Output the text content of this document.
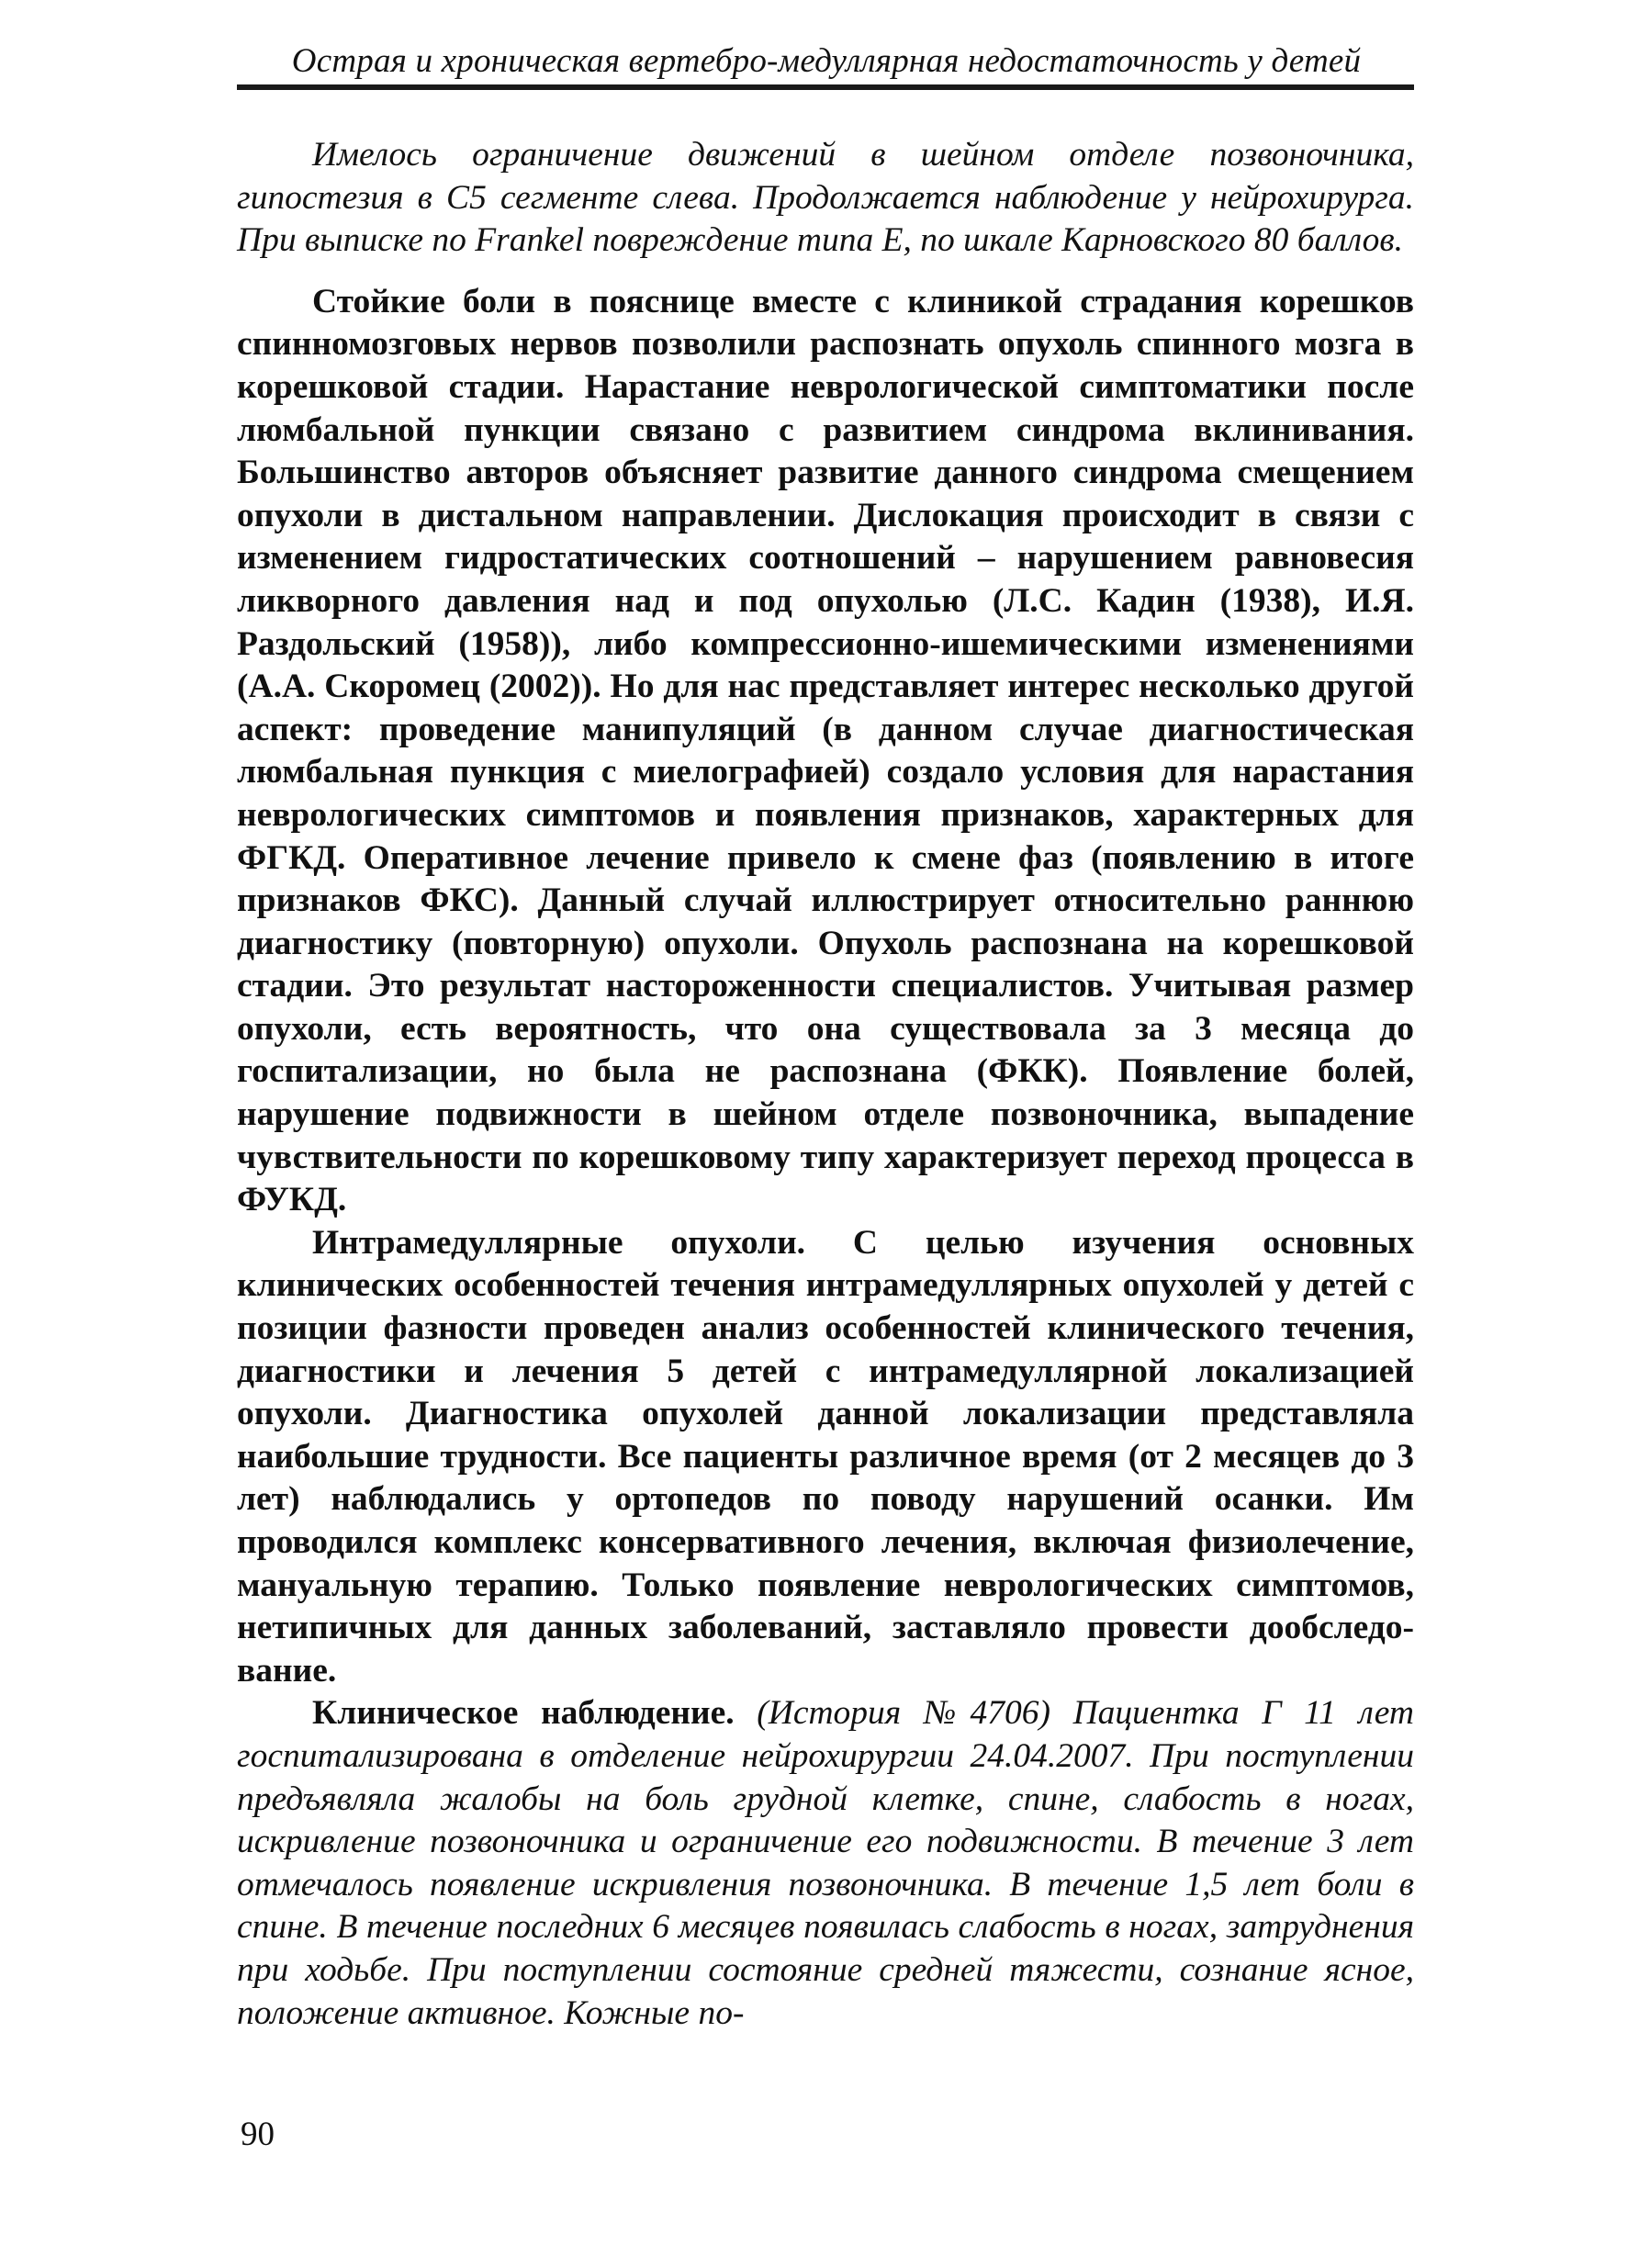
Острая и хроническая вертебро-медуллярная недостаточность у детей

Имелось ограничение движений в шейном отделе позвоночника, гипостезия в С5 сегменте слева. Продолжается наблюдение у нейрохирурга. При выписке по Frankel повреждение типа Е, по шкале Карновского 80 баллов.

Стойкие боли в пояснице вместе с клиникой страдания корешков спинномозговых нервов позволили распознать опухоль спинного мозга в корешковой стадии. Нарастание неврологической симптоматики после люмбальной пункции связано с развитием синдрома вклинивания. Большинство авторов объясняет развитие данного синдрома смещением опухоли в дистальном направлении. Дислокация происходит в связи с изменением гидростатических соотношений – нарушением равновесия ликворного давления над и под опухолью (Л.С. Кадин (1938), И.Я. Раздольский (1958)), либо компрессионно-ишемическими изменениями (А.А. Скоромец (2002)). Но для нас представляет интерес несколько другой аспект: проведение манипуляций (в данном случае диагностическая люмбальная пункция с миелографией) создало условия для нарастания неврологических симптомов и появления признаков, характерных для ФГКД. Оперативное лечение привело к смене фаз (появлению в итоге признаков ФКС). Данный случай иллюстрирует относительно раннюю диагностику (повторную) опухоли. Опухоль распознана на корешковой стадии. Это результат настороженности специалистов. Учитывая размер опухоли, есть вероятность, что она существовала за 3 месяца до госпитализации, но была не распознана (ФКК). Появление болей, нарушение подвижности в шейном отделе позвоночника, выпадение чувствительности по корешковому типу характеризует переход процесса в ФУКД.

Интрамедуллярные опухоли. С целью изучения основных клинических особенностей течения интрамедуллярных опухолей у детей с позиции фазности проведен анализ особенностей клинического течения, диагностики и лечения 5 детей с интрамедуллярной локализацией опухоли. Диагностика опухолей данной локализации представляла наибольшие трудности. Все пациенты различное время (от 2 месяцев до 3 лет) наблюдались у ортопедов по поводу нарушений осанки. Им проводился комплекс консервативного лечения, включая физиолечение, мануальную терапию. Только появление неврологических симптомов, нетипичных для данных заболеваний, заставляло провести дообследо-вание.

Клиническое наблюдение. (История №4706) Пациентка Г 11 лет госпитализирована в отделение нейрохирургии 24.04.2007. При поступлении предъявляла жалобы на боль грудной клетке, спине, слабость в ногах, искривление позвоночника и ограничение его подвижности. В течение 3 лет отмечалось появление искривления позвоночника. В течение 1,5 лет боли в спине. В течение последних 6 месяцев появилась слабость в ногах, затруднения при ходьбе. При поступлении состояние средней тяжести, сознание ясное, положение активное. Кожные по-

90
